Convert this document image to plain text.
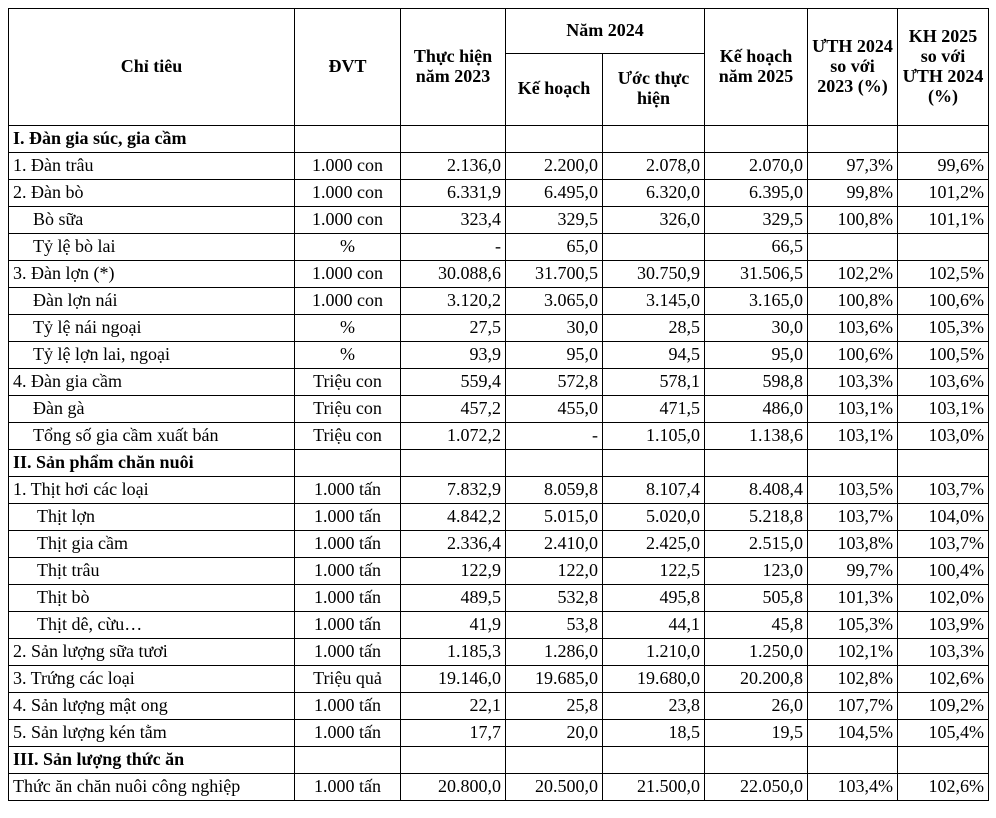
Chỉ tiêu	ĐVT	Thực hiện năm 2023	Năm 2024		Kế hoạch năm 2025	ƯTH 2024 so với 2023 (%)	KH 2025 so với ƯTH 2024 (%)
			Kế hoạch	Ước thực hiện			
I. Đàn gia súc, gia cầm							
1. Đàn trâu	1.000 con	2.136,0	2.200,0	2.078,0	2.070,0	97,3%	99,6%
2. Đàn bò	1.000 con	6.331,9	6.495,0	6.320,0	6.395,0	99,8%	101,2%
Bò sữa	1.000 con	323,4	329,5	326,0	329,5	100,8%	101,1%
Tỷ lệ bò lai	%	-	65,0		66,5		
3. Đàn lợn (*)	1.000 con	30.088,6	31.700,5	30.750,9	31.506,5	102,2%	102,5%
Đàn lợn nái	1.000 con	3.120,2	3.065,0	3.145,0	3.165,0	100,8%	100,6%
Tỷ lệ nái ngoại	%	27,5	30,0	28,5	30,0	103,6%	105,3%
Tỷ lệ lợn lai, ngoại	%	93,9	95,0	94,5	95,0	100,6%	100,5%
4. Đàn gia cầm	Triệu con	559,4	572,8	578,1	598,8	103,3%	103,6%
Đàn gà	Triệu con	457,2	455,0	471,5	486,0	103,1%	103,1%
Tổng số gia cầm xuất bán	Triệu con	1.072,2	-	1.105,0	1.138,6	103,1%	103,0%
II. Sản phẩm chăn nuôi							
1. Thịt hơi các loại	1.000 tấn	7.832,9	8.059,8	8.107,4	8.408,4	103,5%	103,7%
Thịt lợn	1.000 tấn	4.842,2	5.015,0	5.020,0	5.218,8	103,7%	104,0%
Thịt gia cầm	1.000 tấn	2.336,4	2.410,0	2.425,0	2.515,0	103,8%	103,7%
Thịt trâu	1.000 tấn	122,9	122,0	122,5	123,0	99,7%	100,4%
Thịt bò	1.000 tấn	489,5	532,8	495,8	505,8	101,3%	102,0%
Thịt dê, cừu…	1.000 tấn	41,9	53,8	44,1	45,8	105,3%	103,9%
2. Sản lượng sữa tươi	1.000 tấn	1.185,3	1.286,0	1.210,0	1.250,0	102,1%	103,3%
3. Trứng các loại	Triệu quả	19.146,0	19.685,0	19.680,0	20.200,8	102,8%	102,6%
4. Sản lượng mật ong	1.000 tấn	22,1	25,8	23,8	26,0	107,7%	109,2%
5. Sản lượng kén tằm	1.000 tấn	17,7	20,0	18,5	19,5	104,5%	105,4%
III. Sản lượng thức ăn							
Thức ăn chăn nuôi công nghiệp	1.000 tấn	20.800,0	20.500,0	21.500,0	22.050,0	103,4%	102,6%
